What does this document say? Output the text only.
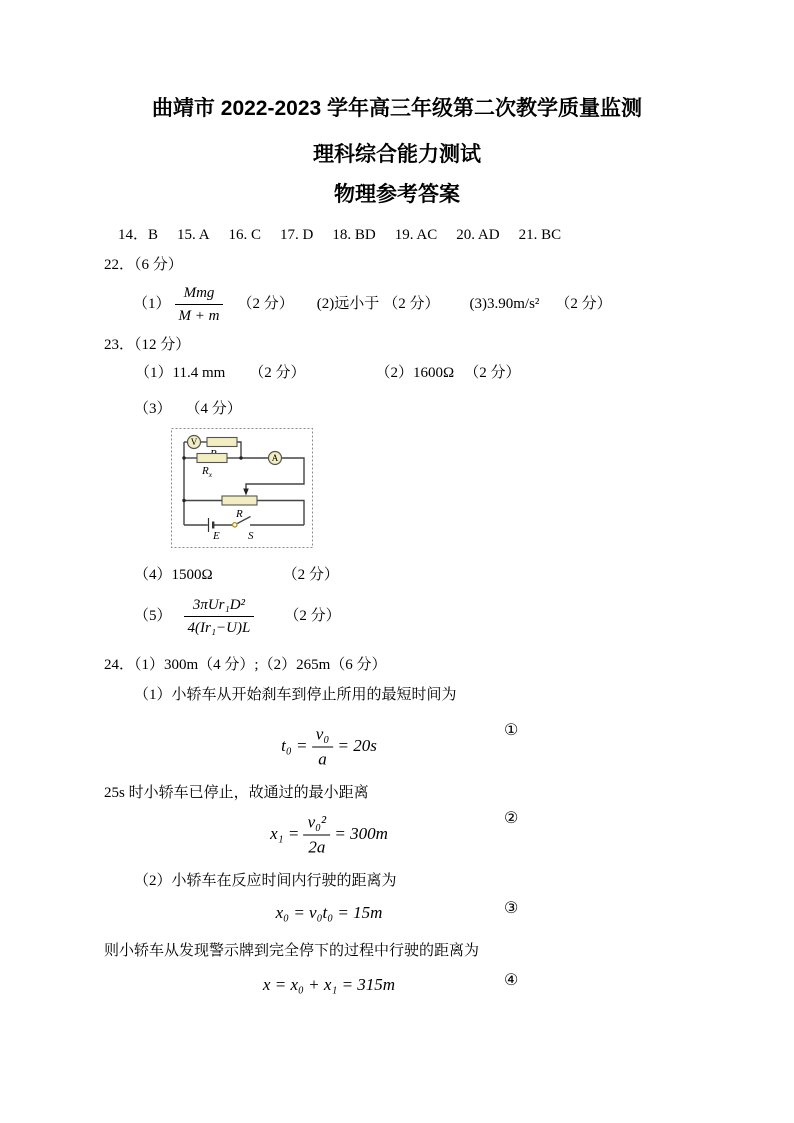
曲靖市 2022-2023 学年高三年级第二次教学质量监测
理科综合能力测试
物理参考答案
14．B 15. A 16. C 17. D 18. BD 19. AC 20. AD 21. BC
22．（6 分）
$(1) \frac{\text{Mmg}}{M + m} (2$ 分） (2)远小于 （2 分） (3)3.90m/s² （2 分）
23．（12 分）
（1）11.4 mm （2 分）	（2）1600Ω （2 分）
（3） （4 分）
V
A
$R_x$
R
E	S
（4）1500Ω	（2 分）
$(5) \frac{\text{3πUr₁D²}}{\text{4(Ir₁−U)L}} (2$ 分）
24．（1）300m（4 分）;（2）265m（6 分）
（1）小轿车从开始刹车到停止所用的最短时间为
$t_0 = \frac{\text{v₀}}{a} = 20s$
①
25s 时小轿车已停止，故通过的最小距离
$x_1 = \frac{\text{v₀²}}{2a} = 300m$
②
（2）小轿车在反应时间内行驶的距离为
x₀ = v₀t₀ = 15m	③
则小轿车从发现警示牌到完全停下的过程中行驶的距离为
x = x₀ + x₁ = 315m	④
